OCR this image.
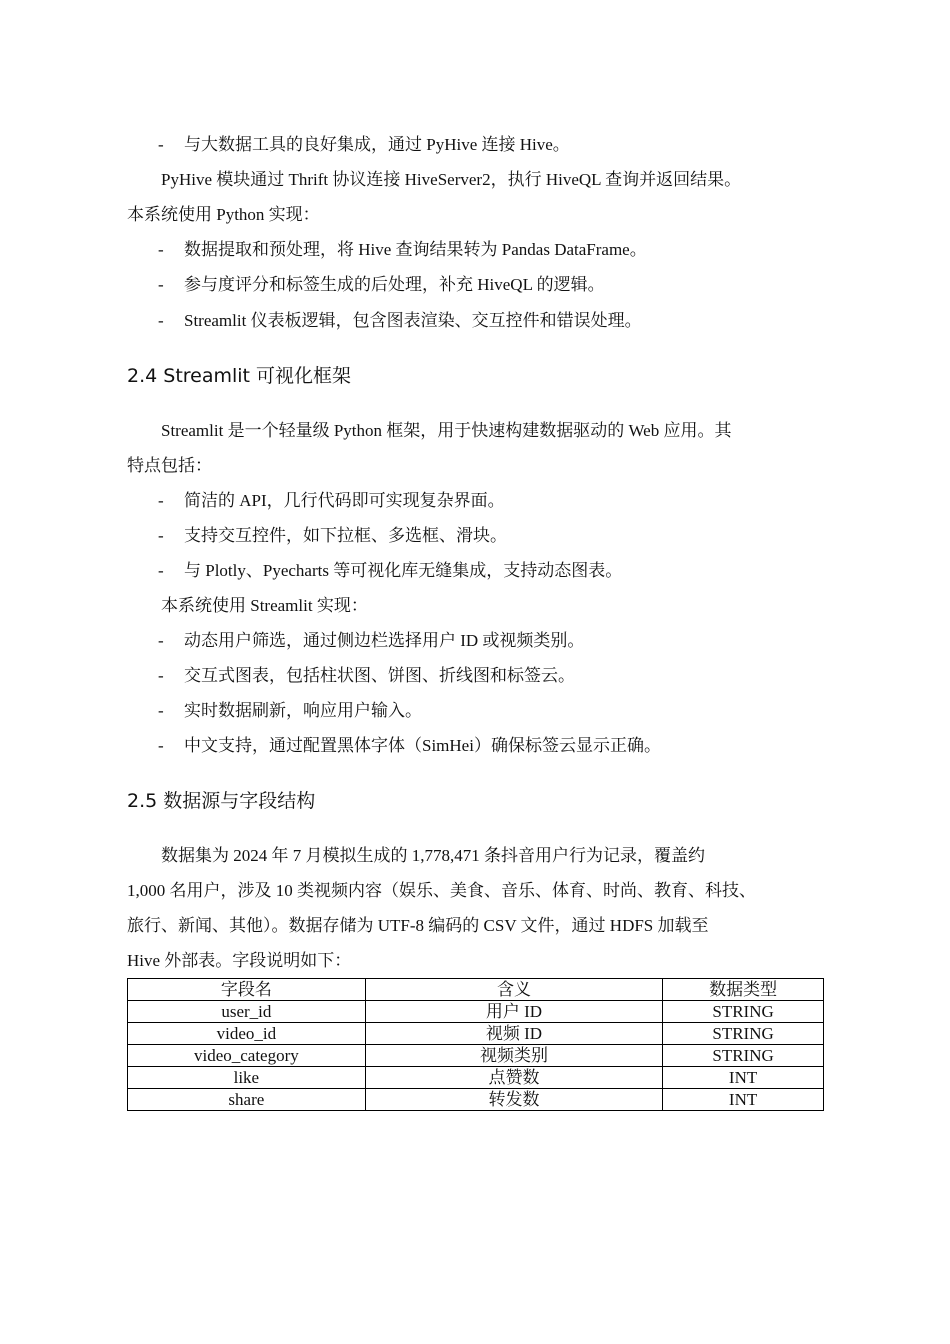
- 与大数据工具的良好集成，通过 PyHive 连接 Hive。
PyHive 模块通过 Thrift 协议连接 HiveServer2，执行 HiveQL 查询并返回结果。
本系统使用 Python 实现：
- 数据提取和预处理，将 Hive 查询结果转为 Pandas DataFrame。
- 参与度评分和标签生成的后处理，补充 HiveQL 的逻辑。
- Streamlit 仪表板逻辑，包含图表渲染、交互控件和错误处理。
2.4 Streamlit 可视化框架
Streamlit 是一个轻量级 Python 框架，用于快速构建数据驱动的 Web 应用。其
特点包括：
- 简洁的 API，几行代码即可实现复杂界面。
- 支持交互控件，如下拉框、多选框、滑块。
- 与 Plotly、Pyecharts 等可视化库无缝集成，支持动态图表。
本系统使用 Streamlit 实现：
- 动态用户筛选，通过侧边栏选择用户 ID 或视频类别。
- 交互式图表，包括柱状图、饼图、折线图和标签云。
- 实时数据刷新，响应用户输入。
- 中文支持，通过配置黑体字体（SimHei）确保标签云显示正确。
2.5 数据源与字段结构
数据集为 2024 年 7 月模拟生成的 1,778,471 条抖音用户行为记录，覆盖约
1,000 名用户，涉及 10 类视频内容（娱乐、美食、音乐、体育、时尚、教育、科技、
旅行、新闻、其他）。数据存储为 UTF-8 编码的 CSV 文件，通过 HDFS 加载至
Hive 外部表。字段说明如下：
字段名	含义	数据类型
user_id	用户 ID	STRING
video_id	视频 ID	STRING
video_category	视频类别	STRING
like	点赞数	INT
share	转发数	INT
